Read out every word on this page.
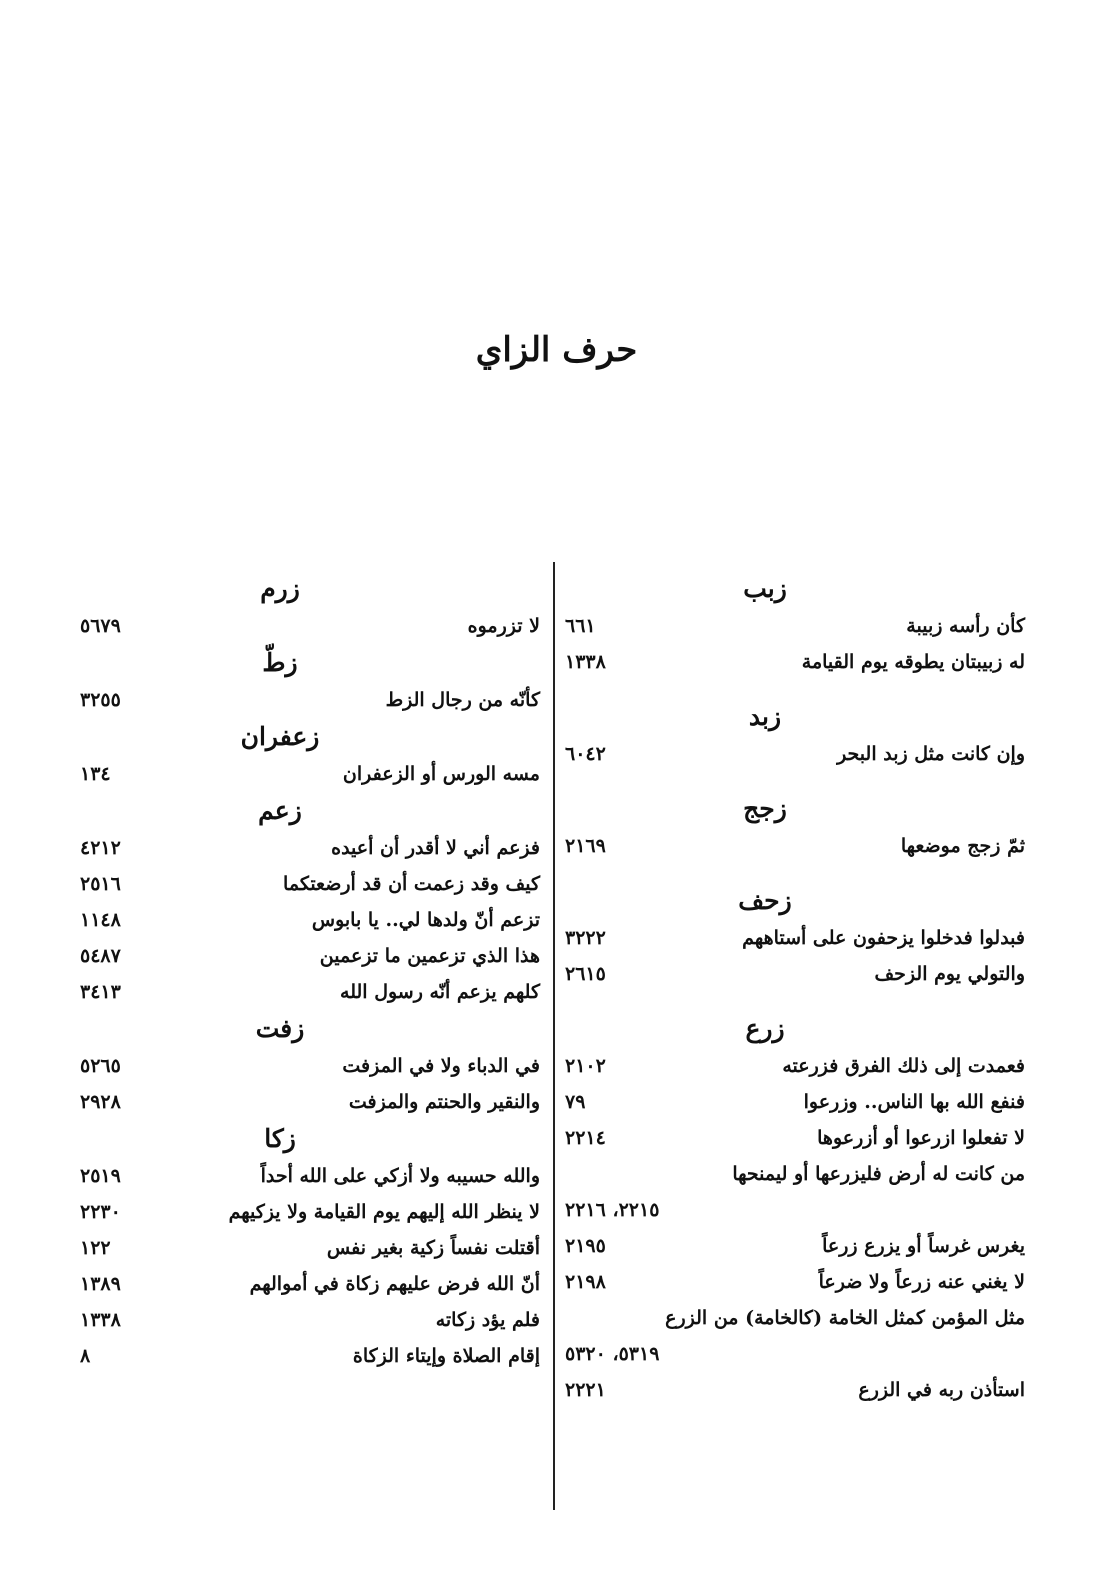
حرف الزاي
زبب
كأن رأسه زبيبة
٦٦١
له زبيبتان يطوقه يوم القيامة
١٣٣٨
زبد
وإن كانت مثل زبد البحر
٦٠٤٢
زجج
ثمّ زجج موضعها
٢١٦٩
زحف
فبدلوا فدخلوا يزحفون على أستاههم
٣٢٢٢
والتولي يوم الزحف
٢٦١٥
زرع
فعمدت إلى ذلك الفرق فزرعته
٢١٠٢
فنفع الله بها الناس.. وزرعوا
٧٩
لا تفعلوا ازرعوا أو أزرعوها
٢٢١٤
من كانت له أرض فليزرعها أو ليمنحها
٢٢١٥، ٢٢١٦
يغرس غرساً أو يزرع زرعاً
٢١٩٥
لا يغني عنه زرعاً ولا ضرعاً
٢١٩٨
مثل المؤمن كمثل الخامة (كالخامة) من الزرع
٥٣١٩، ٥٣٢٠
استأذن ربه في الزرع
٢٢٢١
زرم
لا تزرموه
٥٦٧٩
زطّ
كأنّه من رجال الزط
٣٢٥٥
زعفران
مسه الورس أو الزعفران
١٣٤
زعم
فزعم أني لا أقدر أن أعيده
٤٢١٢
كيف وقد زعمت أن قد أرضعتكما
٢٥١٦
تزعم أنّ ولدها لي.. يا بابوس
١١٤٨
هذا الذي تزعمين ما تزعمين
٥٤٨٧
كلهم يزعم أنّه رسول الله
٣٤١٣
زفت
في الدباء ولا في المزفت
٥٢٦٥
والنقير والحنتم والمزفت
٢٩٢٨
زكا
والله حسيبه ولا أزكي على الله أحداً
٢٥١٩
لا ينظر الله إليهم يوم القيامة ولا يزكيهم
٢٢٣٠
أقتلت نفساً زكية بغير نفس
١٢٢
أنّ الله فرض عليهم زكاة في أموالهم
١٣٨٩
فلم يؤد زكاته
١٣٣٨
إقام الصلاة وإيتاء الزكاة
٨
